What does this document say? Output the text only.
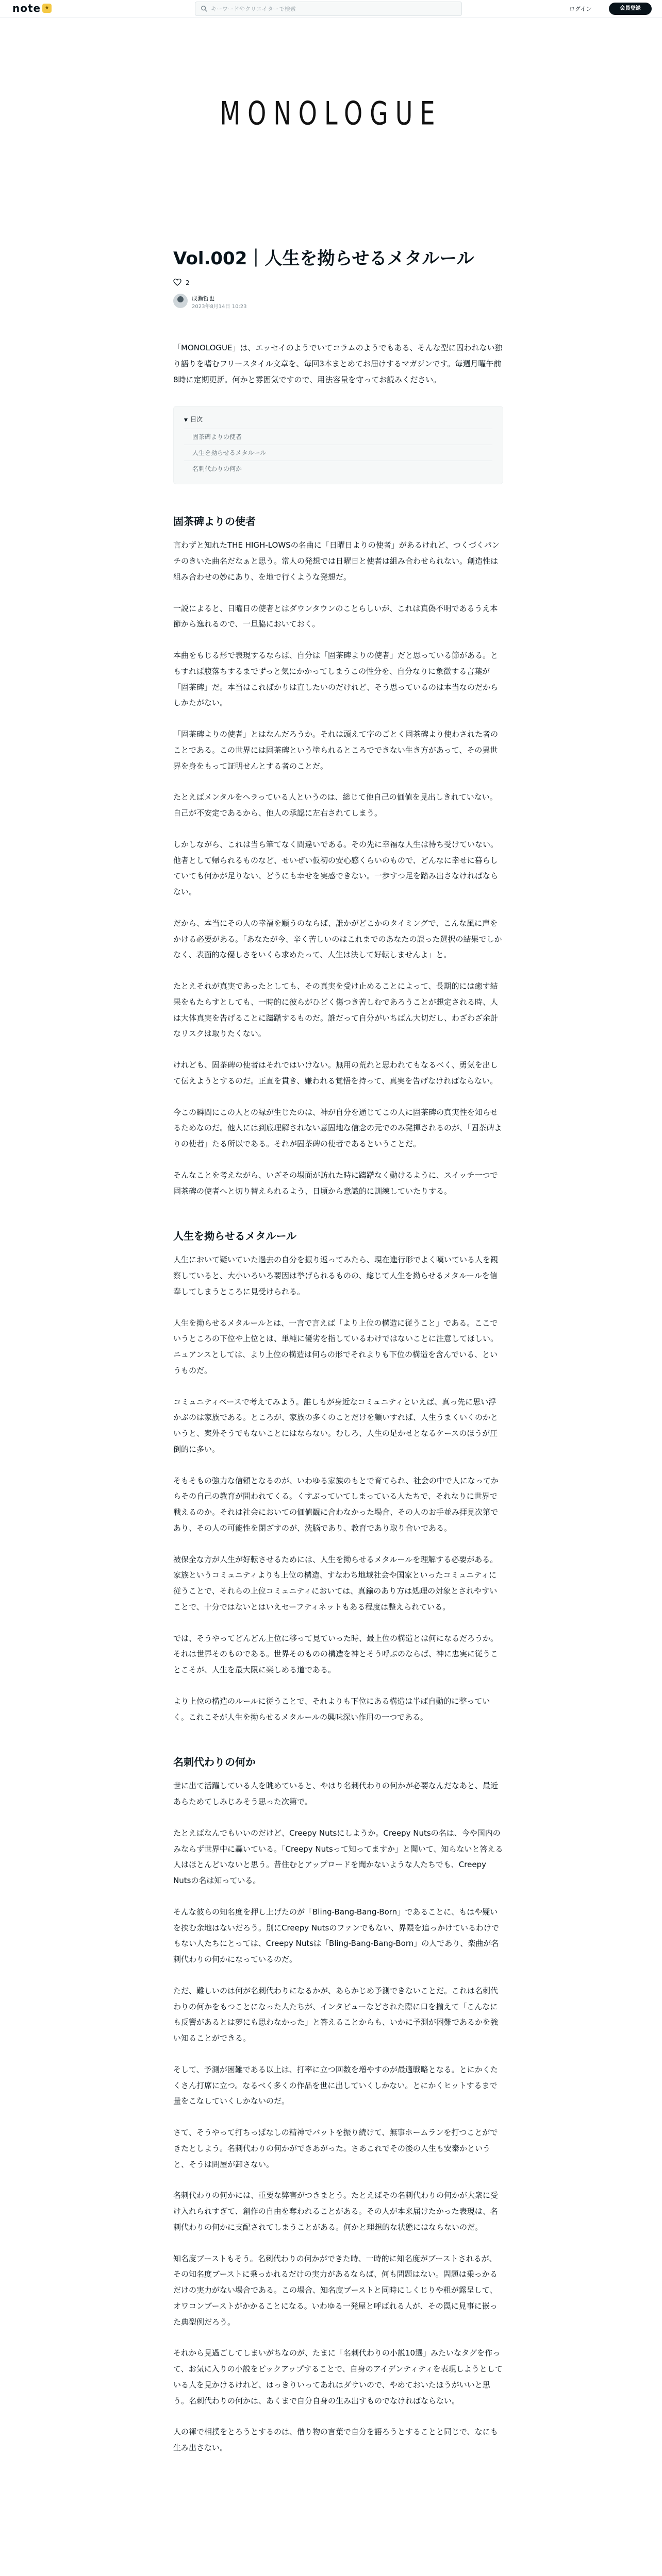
note ★
キーワードやクリエイターで検索	ログイン	会員登録
MONOLOGUE
Vol.002｜人生を拗らせるメタルール
2
成瀬哲也
2023年8月14日 10:23

「MONOLOGUE」は、エッセイのようでいてコラムのようでもある、そんな型に囚われない独り語りを嗜むフリースタイル文章を、毎回3本まとめてお届けするマガジンです。毎週月曜午前8時に定期更新。何かと雰囲気ですので、用法容量を守ってお読みください。

▼ 目次
固茶碑よりの使者
人生を拗らせるメタルール
名刺代わりの何か
固茶碑よりの使者

言わずと知れたTHE HIGH-LOWSの名曲に「日曜日よりの使者」があるけれど、つくづくパンチのきいた曲名だなぁと思う。常人の発想では日曜日と使者は組み合わせられない。創造性は組み合わせの妙にあり、を地で行くような発想だ。

一説によると、日曜日の使者とはダウンタウンのことらしいが、これは真偽不明であるうえ本節から逸れるので、一旦脇においておく。

本曲をもじる形で表現するならば、自分は「固茶碑よりの使者」だと思っている節がある。ともすれば腹落ちするまでずっと気にかかってしまうこの性分を、自分なりに象徴する言葉が「固茶碑」だ。本当はこればかりは直したいのだけれど、そう思っているのは本当なのだからしかたがない。

「固茶碑よりの使者」とはなんだろうか。それは頭えて字のごとく固茶碑より使わされた者のことである。この世界には固茶碑という塗られるところでできない生き方があって、その異世界を身をもって証明せんとする者のことだ。

たとえばメンタルをヘラっている人というのは、総じて他自己の価値を見出しきれていない。自己が不安定であるから、他人の承認に左右されてしまう。

しかしながら、これは当ら筆てなく間違いである。その先に幸福な人生は待ち受けていない。他者として帰られるものなど、せいぜい仮初の安心感くらいのもので、どんなに幸せに暮らしていても何かが足りない、どうにも幸せを実感できない。一歩すつ足を踏み出さなければならない。

だから、本当にその人の幸福を願うのならば、誰かがどこかのタイミングで、こんな風に声をかける必要がある。「あなたが今、辛く苦しいのはこれまでのあなたの誤った選択の結果でしかなく、表面的な優しさをいくら求めたって、人生は決して好転しませんよ」と。

たとえそれが真実であったとしても、その真実を受け止めることによって、長期的には癒す結果をもたらすとしても、一時的に彼らがひどく傷つき苦しむであろうことが想定される時、人は大体真実を告げることに躊躇するものだ。誰だって自分がいちばん大切だし、わざわざ余計なリスクは取りたくない。

けれども、固茶碑の使者はそれではいけない。無用の荒れと思われてもなるべく、勇気を出して伝えようとするのだ。正直を貫き、嫌われる覚悟を持って、真実を告げなければならない。

今この瞬間にこの人との縁が生じたのは、神が自分を通じてこの人に固茶碑の真実性を知らせるためなのだ。他人には到底理解されない意固地な信念の元でのみ発揮されるのが、「固茶碑よりの使者」たる所以である。それが固茶碑の使者であるということだ。

そんなことを考えながら、いざその場面が訪れた時に躊躇なく動けるように、スイッチ一つで固茶碑の使者へと切り替えられるよう、日頃から意識的に訓練していたりする。

人生を拗らせるメタルール

人生において疑いていた過去の自分を振り返ってみたら、現在進行形でよく嘆いている人を観察していると、大小いろいろ要因は挙げられるものの、総じて人生を拗らせるメタルールを信奉してしまうところに見受けられる。

人生を拗らせるメタルールとは、一言で言えば「より上位の構造に従うこと」である。ここでいうところの下位や上位とは、単純に優劣を指しているわけではないことに注意してほしい。ニュアンスとしては、より上位の構造は何らの形でそれよりも下位の構造を含んでいる、というものだ。

コミュニティベースで考えてみよう。誰しもが身近なコミュニティといえば、真っ先に思い浮かぶのは家族である。ところが、家族の多くのことだけを顧いすれば、人生うまくいくのかというと、案外そうでもないことにはならない。むしろ、人生の足かせとなるケースのほうが圧倒的に多い。

そもそもの強力な信頼となるのが、いわゆる家族のもとで育てられ、社会の中で人になってからその自己の教育が問われてくる。くすぶっていてしまっている人たちで、それなりに世界で戦えるのか。それは社会においての価値観に合わなかった場合、その人のお手並み拝見次第であり、その人の可能性を閉ざすのが、洗脳であり、教育であり取り合いである。

被保全な方が人生が好転させるためには、人生を拗らせるメタルールを理解する必要がある。家族というコミュニティよりも上位の構造、すなわち地域社会や国家といったコミュニティに従うことで、それらの上位コミュニティにおいては、真鍮のあり方は処理の対象とされやすいことで、十分ではないとはいえセーフティネットもある程度は整えられている。

では、そうやってどんどん上位に移って見ていった時、最上位の構造とは何になるだろうか。それは世界そのものである。世界そのものの構造を神とそう呼ぶのならば、神に忠実に従うことこそが、人生を最大限に楽しめる道である。

より上位の構造のルールに従うことで、それよりも下位にある構造は半ば自動的に整っていく。これこそが人生を拗らせるメタルールの興味深い作用の一つである。

名刺代わりの何か

世に出て活躍している人を眺めていると、やはり名刺代わりの何かが必要なんだなあと、最近あらためてしみじみそう思った次第で。

たとえばなんでもいいのだけど、Creepy Nutsにしようか。Creepy Nutsの名は、今や国内のみならず世界中に轟いている。「Creepy Nutsって知ってますか」と聞いて、知らないと答える人はほとんどいないと思う。昔住むとアップロードを聞かないような人たちでも、Creepy Nutsの名は知っている。

そんな彼らの知名度を押し上げたのが「Bling-Bang-Bang-Born」であることに、もはや疑いを挟む余地はないだろう。別にCreepy Nutsのファンでもない、界隈を追っかけているわけでもない人たちにとっては、Creepy Nutsは「Bling-Bang-Bang-Born」の人であり、楽曲が名刺代わりの何かになっているのだ。

ただ、難しいのは何が名刺代わりになるかが、あらかじめ予測できないことだ。これは名刺代わりの何かをもつことになった人たちが、インタビューなどされた際に口を揃えて「こんなにも反響があるとは夢にも思わなかった」と答えることからも、いかに予測が困難であるかを強い知ることができる。

そして、予測が困難である以上は、打率に立つ回数を増やすのが最適戦略となる。とにかくたくさん打席に立つ。なるべく多くの作品を世に出していくしかない。とにかくヒットするまで量をこなしていくしかないのだ。

さて、そうやって打ちっぱなしの精神でバットを振り続けて、無事ホームランを打つことができたとしよう。名刺代わりの何かができあがった。さあこれでその後の人生も安泰かというと、そうは問屋が卸さない。

名刺代わりの何かには、重要な弊害がつきまとう。たとえばその名刺代わりの何かが大衆に受け入れられすぎて、創作の自由を奪われることがある。その人が本来届けたかった表現は、名刺代わりの何かに支配されてしまうことがある。何かと理想的な状態にはならないのだ。

知名度ブーストもそう。名刺代わりの何かができた時、一時的に知名度がブーストされるが、その知名度ブーストに乗っかれるだけの実力があるならば、何も問題はない。問題は乗っかるだけの実力がない場合である。この場合、知名度ブーストと同時にしくじりや粗が露呈して、オワコンブーストがかかることになる。いわゆる一発屋と呼ばれる人が、その罠に見事に嵌った典型例だろう。

それから見過ごしてしまいがちなのが、たまに「名刺代わりの小説10選」みたいなタグを作って、お気に入りの小説をピックアップすることで、自身のアイデンティティを表現しようとしている人を見かけるけれど、はっきりいってあれはダサいので、やめておいたほうがいいと思う。名刺代わりの何かは、あくまで自分自身の生み出すものでなければならない。

人の褌で相撲をとろうとするのは、借り物の言葉で自分を語ろうとすることと同じで、なにも生み出さない。
